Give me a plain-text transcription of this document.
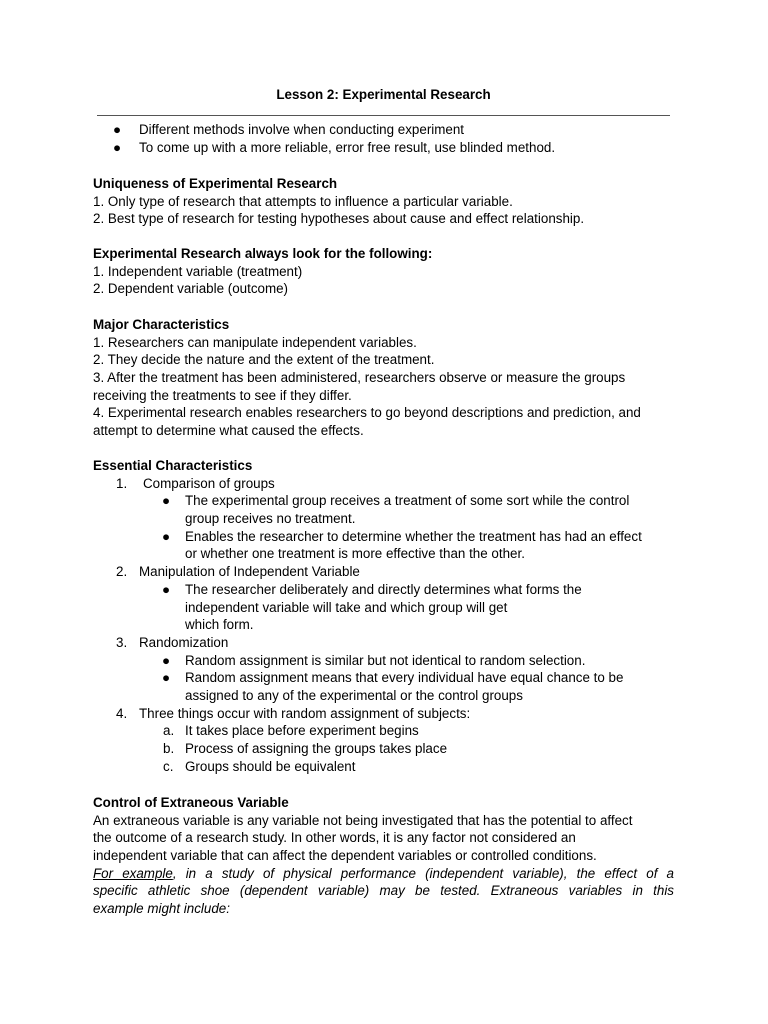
Lesson 2: Experimental Research
● Different methods involve when conducting experiment
● To come up with a more reliable, error free result, use blinded method.
Uniqueness of Experimental Research
1. Only type of research that attempts to influence a particular variable.
2. Best type of research for testing hypotheses about cause and effect relationship.
Experimental Research always look for the following:
1. Independent variable (treatment)
2. Dependent variable (outcome)
Major Characteristics
1. Researchers can manipulate independent variables.
2. They decide the nature and the extent of the treatment.
3. After the treatment has been administered, researchers observe or measure the groups
receiving the treatments to see if they differ.
4. Experimental research enables researchers to go beyond descriptions and prediction, and
attempt to determine what caused the effects.
Essential Characteristics
1. Comparison of groups
● The experimental group receives a treatment of some sort while the control
group receives no treatment.
● Enables the researcher to determine whether the treatment has had an effect
or whether one treatment is more effective than the other.
2. Manipulation of Independent Variable
● The researcher deliberately and directly determines what forms the
independent variable will take and which group will get
which form.
3. Randomization
● Random assignment is similar but not identical to random selection.
● Random assignment means that every individual have equal chance to be
assigned to any of the experimental or the control groups
4. Three things occur with random assignment of subjects:
a. It takes place before experiment begins
b. Process of assigning the groups takes place
c. Groups should be equivalent
Control of Extraneous Variable
An extraneous variable is any variable not being investigated that has the potential to affect
the outcome of a research study. In other words, it is any factor not considered an
independent variable that can affect the dependent variables or controlled conditions.
For example, in a study of physical performance (independent variable), the effect of a
specific athletic shoe (dependent variable) may be tested. Extraneous variables in this
example might include:
